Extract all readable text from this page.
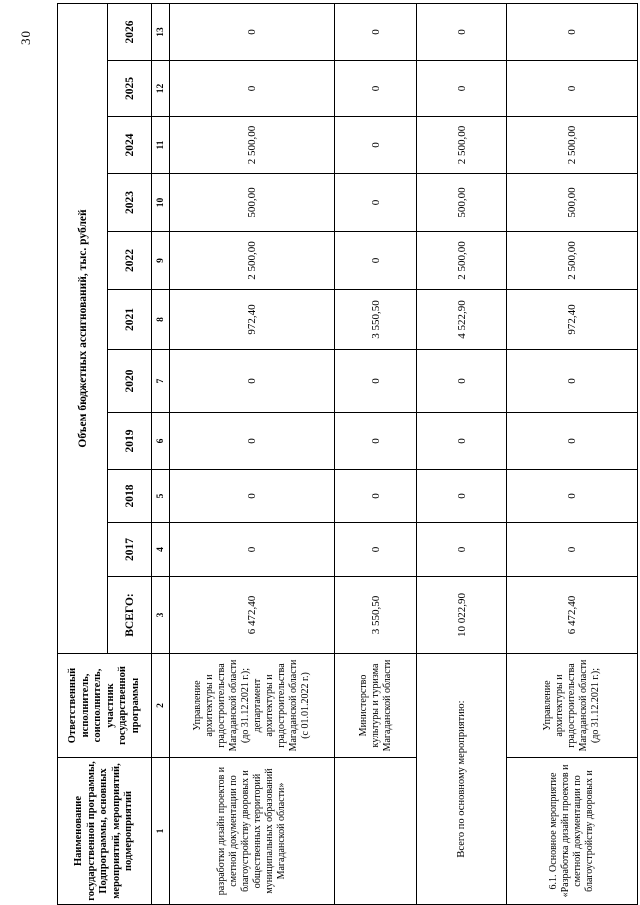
30
Наименование государственной программы, Подпрограммы, основных мероприятий, мероприятий, подмероприятий	Ответственный исполнитель, соисполнитель, участник государственной программы	Объем бюджетных ассигнований, тыс. рублей										
		ВСЕГО:	2017	2018	2019	2020	2021	2022	2023	2024	2025	2026
1	2	3	4	5	6	7	8	9	10	11	12	13
разработки дизайн проектов и сметной документации по благоустройству дворовых и общественных территорий муниципальных образований Магаданской области»	Управление архитектуры и градостроительства Магаданской области (до 31.12.2021 г.); департамент архитектуры и градостроительства Магаданской области (с 01.01.2022 г.)	6 472,40	0	0	0	0	972,40	2 500,00	500,00	2 500,00	0	0
	Министерство культуры и туризма Магаданской области	3 550,50	0	0	0	0	3 550,50	0	0	0	0	0
Всего по основному мероприятию:		10 022,90	0	0	0	0	4 522,90	2 500,00	500,00	2 500,00	0	0
6.1. Основное мероприятие «Разработка дизайн проектов и сметной документации по благоустройству дворовых и	Управление архитектуры и градостроительства Магаданской области (до 31.12.2021 г.);	6 472,40	0	0	0	0	972,40	2 500,00	500,00	2 500,00	0	0
